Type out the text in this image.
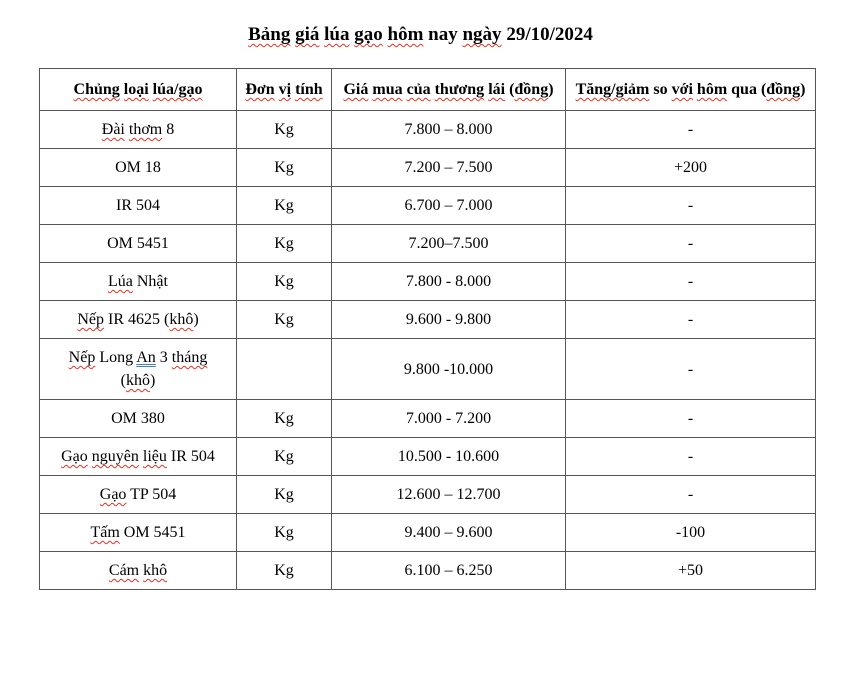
Bảng giá lúa gạo hôm nay ngày 29/10/2024
Chủng loại lúa/gạo	Đơn vị tính	Giá mua của thương lái (đồng)	Tăng/giảm so với hôm qua (đồng)
Đài thơm 8	Kg	7.800 – 8.000	-
OM 18	Kg	7.200 – 7.500	+200
IR 504	Kg	6.700 – 7.000	-
OM 5451	Kg	7.200–7.500	-
Lúa Nhật	Kg	7.800 - 8.000	-
Nếp IR 4625 (khô)	Kg	9.600 - 9.800	-
Nếp Long An 3 tháng (khô)		9.800 -10.000	-
OM 380	Kg	7.000 - 7.200	-
Gạo nguyên liệu IR 504	Kg	10.500 - 10.600	-
Gạo TP 504	Kg	12.600 – 12.700	-
Tấm OM 5451	Kg	9.400 – 9.600	-100
Cám khô	Kg	6.100 – 6.250	+50
